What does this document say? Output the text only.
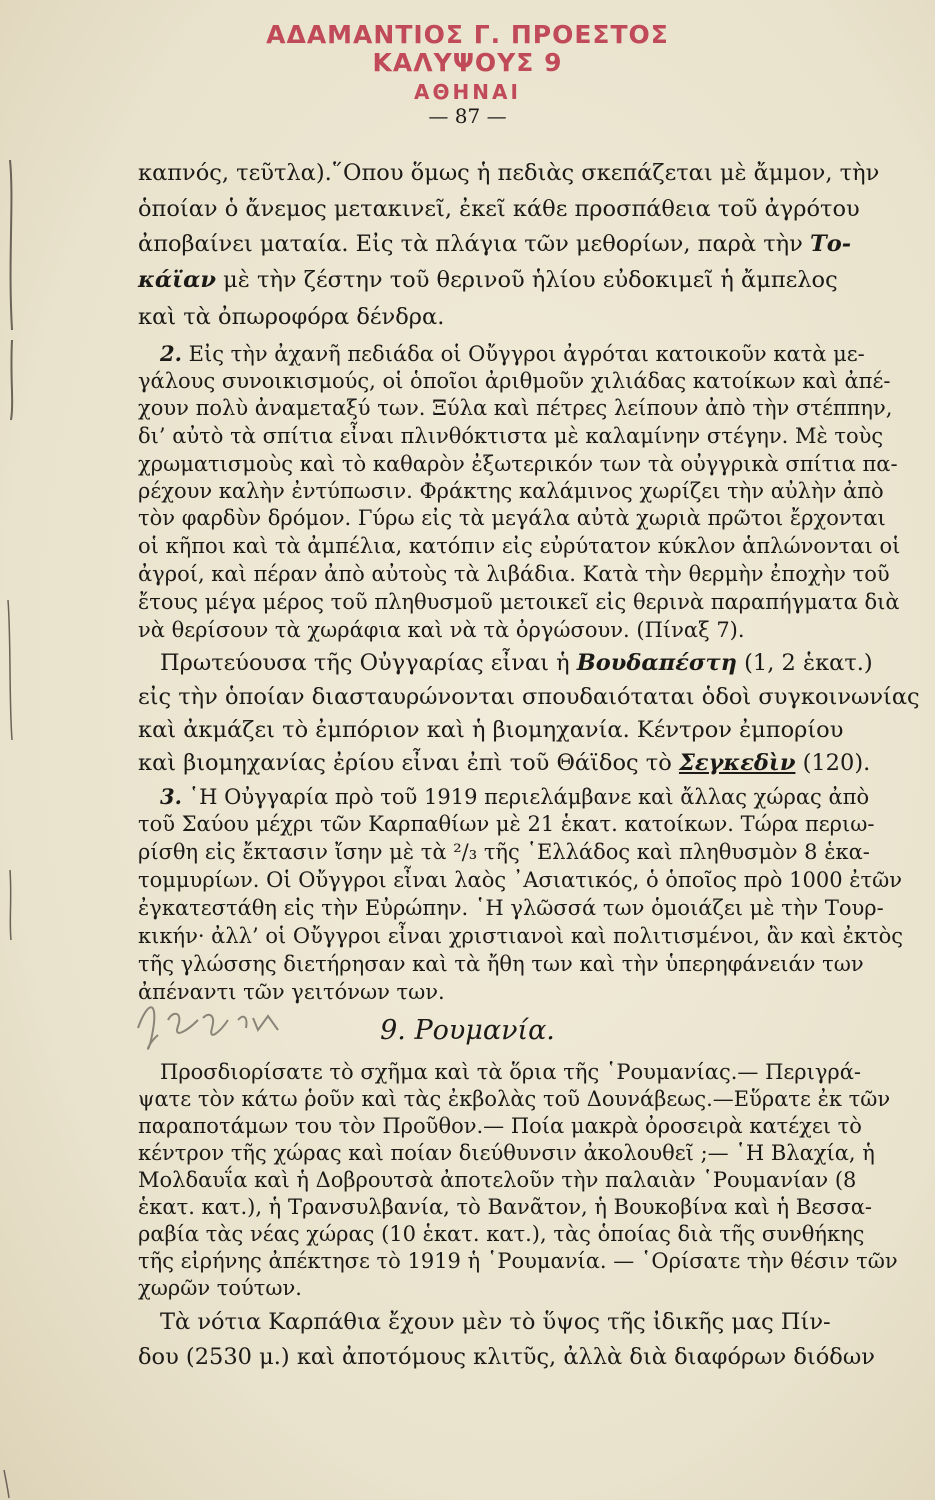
ΑΔΑΜΑΝΤΙΟΣ Γ. ΠΡΟΕΣΤΟΣ
ΚΑΛΥΨΟΥΣ 9
ΑΘΗΝΑΙ
— 87 —
καπνός, τεῦτλα).῞Οπου ὅμως ἡ πεδιὰς σκεπάζεται μὲ ἄμμον, τὴν
ὁποίαν ὁ ἄνεμος μετακινεῖ, ἐκεῖ κάθε προσπάθεια τοῦ ἀγρότου
ἀποβαίνει ματαία. Εἰς τὰ πλάγια τῶν μεθορίων, παρὰ τὴν Το-
κάϊαν μὲ τὴν ζέστην τοῦ θερινοῦ ἡλίου εὐδοκιμεῖ ἡ ἄμπελος
καὶ τὰ ὀπωροφόρα δένδρα.
2. Εἰς τὴν ἀχανῆ πεδιάδα οἱ Οὔγγροι ἀγρόται κατοικοῦν κατὰ με-
γάλους συνοικισμούς, οἱ ὁποῖοι ἀριθμοῦν χιλιάδας κατοίκων καὶ ἀπέ-
χουν πολὺ ἀναμεταξύ των. Ξύλα καὶ πέτρες λείπουν ἀπὸ τὴν στέππην,
δι’ αὐτὸ τὰ σπίτια εἶναι πλινθόκτιστα μὲ καλαμίνην στέγην. Μὲ τοὺς
χρωματισμοὺς καὶ τὸ καθαρὸν ἐξωτερικόν των τὰ οὐγγρικὰ σπίτια πα-
ρέχουν καλὴν ἐντύπωσιν. Φράκτης καλάμινος χωρίζει τὴν αὐλὴν ἀπὸ
τὸν φαρδὺν δρόμον. Γύρω εἰς τὰ μεγάλα αὐτὰ χωριὰ πρῶτοι ἔρχονται
οἱ κῆποι καὶ τὰ ἀμπέλια, κατόπιν εἰς εὐρύτατον κύκλον ἁπλώνονται οἱ
ἀγροί, καὶ πέραν ἀπὸ αὐτοὺς τὰ λιβάδια. Κατὰ τὴν θερμὴν ἐποχὴν τοῦ
ἔτους μέγα μέρος τοῦ πληθυσμοῦ μετοικεῖ εἰς θερινὰ παραπήγματα διὰ
νὰ θερίσουν τὰ χωράφια καὶ νὰ τὰ ὀργώσουν. (Πίναξ 7).
Πρωτεύουσα τῆς Οὐγγαρίας εἶναι ἡ Βουδαπέστη (1, 2 ἑκατ.)
εἰς τὴν ὁποίαν διασταυρώνονται σπουδαιόταται ὁδοὶ συγκοινωνίας
καὶ ἀκμάζει τὸ ἐμπόριον καὶ ἡ βιομηχανία. Κέντρον ἐμπορίου
καὶ βιομηχανίας ἐρίου εἶναι ἐπὶ τοῦ Θάϊδος τὸ Σεγκεδὶν (120).
3. ῾Η Οὐγγαρία πρὸ τοῦ 1919 περιελάμβανε καὶ ἄλλας χώρας ἀπὸ
τοῦ Σαύου μέχρι τῶν Καρπαθίων μὲ 21 ἑκατ. κατοίκων. Τώρα περιω-
ρίσθη εἰς ἔκτασιν ἴσην μὲ τὰ ²/₃ τῆς ῾Ελλάδος καὶ πληθυσμὸν 8 ἑκα-
τομμυρίων. Οἱ Οὔγγροι εἶναι λαὸς ᾿Ασιατικός, ὁ ὁποῖος πρὸ 1000 ἐτῶν
ἐγκατεστάθη εἰς τὴν Εὐρώπην. ῾Η γλῶσσά των ὁμοιάζει μὲ τὴν Τουρ-
κικήν· ἀλλ’ οἱ Οὔγγροι εἶναι χριστιανοὶ καὶ πολιτισμένοι, ἂν καὶ ἐκτὸς
τῆς γλώσσης διετήρησαν καὶ τὰ ἤθη των καὶ τὴν ὑπερηφάνειάν των
ἀπέναντι τῶν γειτόνων των.
9. Ρουμανία.
Προσδιορίσατε τὸ σχῆμα καὶ τὰ ὅρια τῆς ῾Ρουμανίας.— Περιγρά-
ψατε τὸν κάτω ῥοῦν καὶ τὰς ἐκβολὰς τοῦ Δουνάβεως.—Εὕρατε ἐκ τῶν
παραποτάμων του τὸν Προῦθον.— Ποία μακρὰ ὀροσειρὰ κατέχει τὸ
κέντρον τῆς χώρας καὶ ποίαν διεύθυνσιν ἀκολουθεῖ ;— ῾Η Βλαχία, ἡ
Μολδαυΐα καὶ ἡ Δοβρουτσὰ ἀποτελοῦν τὴν παλαιὰν ῾Ρουμανίαν (8
ἑκατ. κατ.), ἡ Τρανσυλβανία, τὸ Βανᾶτον, ἡ Βουκοβίνα καὶ ἡ Βεσσα-
ραβία τὰς νέας χώρας (10 ἑκατ. κατ.), τὰς ὁποίας διὰ τῆς συνθήκης
τῆς εἰρήνης ἀπέκτησε τὸ 1919 ἡ ῾Ρουμανία. — ῾Ορίσατε τὴν θέσιν τῶν
χωρῶν τούτων.
Τὰ νότια Καρπάθια ἔχουν μὲν τὸ ὕψος τῆς ἰδικῆς μας Πίν-
δου (2530 μ.) καὶ ἀποτόμους κλιτῦς, ἀλλὰ διὰ διαφόρων διόδων
